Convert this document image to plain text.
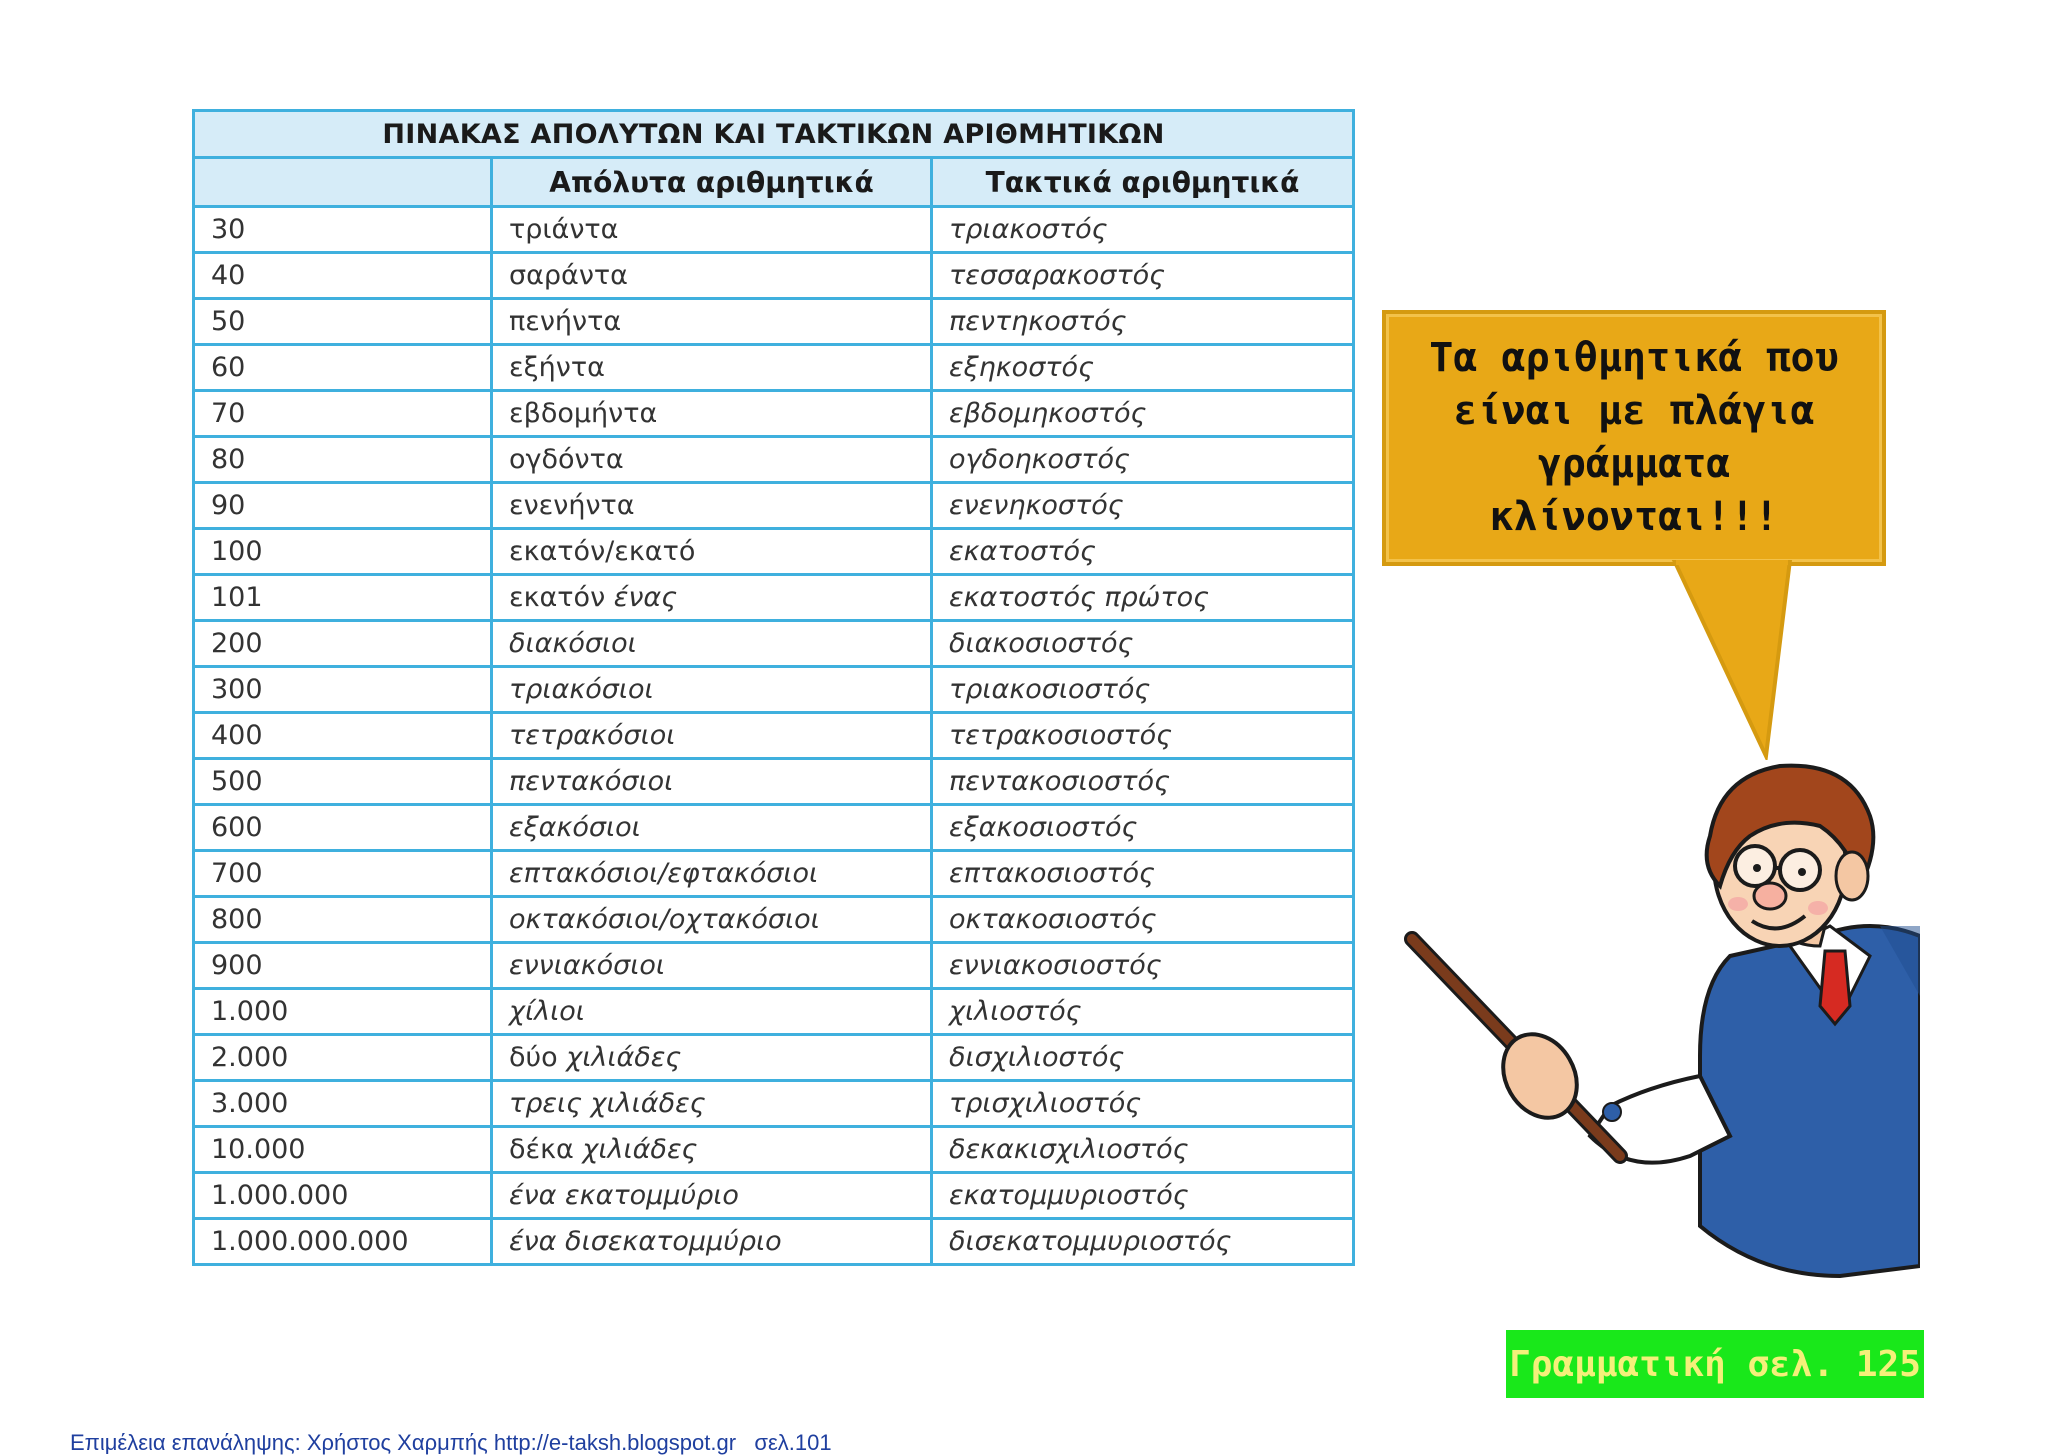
ΠΙΝΑΚΑΣ ΑΠΟΛΥΤΩΝ ΚΑΙ ΤΑΚΤΙΚΩΝ ΑΡΙΘΜΗΤΙΚΩΝ		
	Απόλυτα αριθμητικά	Τακτικά αριθμητικά
30	τριάντα	τριακοστός
40	σαράντα	τεσσαρακοστός
50	πενήντα	πεντηκοστός
60	εξήντα	εξηκοστός
70	εβδομήντα	εβδομηκοστός
80	ογδόντα	ογδοηκοστός
90	ενενήντα	ενενηκοστός
100	εκατόν/εκατό	εκατοστός
101	εκατόν ένας	εκατοστός πρώτος
200	διακόσιοι	διακοσιοστός
300	τριακόσιοι	τριακοσιοστός
400	τετρακόσιοι	τετρακοσιοστός
500	πεντακόσιοι	πεντακοσιοστός
600	εξακόσιοι	εξακοσιοστός
700	επτακόσιοι/εφτακόσιοι	επτακοσιοστός
800	οκτακόσιοι/οχτακόσιοι	οκτακοσιοστός
900	εννιακόσιοι	εννιακοσιοστός
1.000	χίλιοι	χιλιοστός
2.000	δύο χιλιάδες	δισχιλιοστός
3.000	τρεις χιλιάδες	τρισχιλιοστός
10.000	δέκα χιλιάδες	δεκακισχιλιοστός
1.000.000	ένα εκατομμύριο	εκατομμυριοστός
1.000.000.000	ένα δισεκατομμύριο	δισεκατομμυριοστός
Τα αριθμητικά που
είναι με πλάγια
γράμματα κλίνονται!!!
Γραμματική σελ. 125
Επιμέλεια επανάληψης: Χρήστος Χαρμπής http://e-taksh.blogspot.gr   σελ.101
